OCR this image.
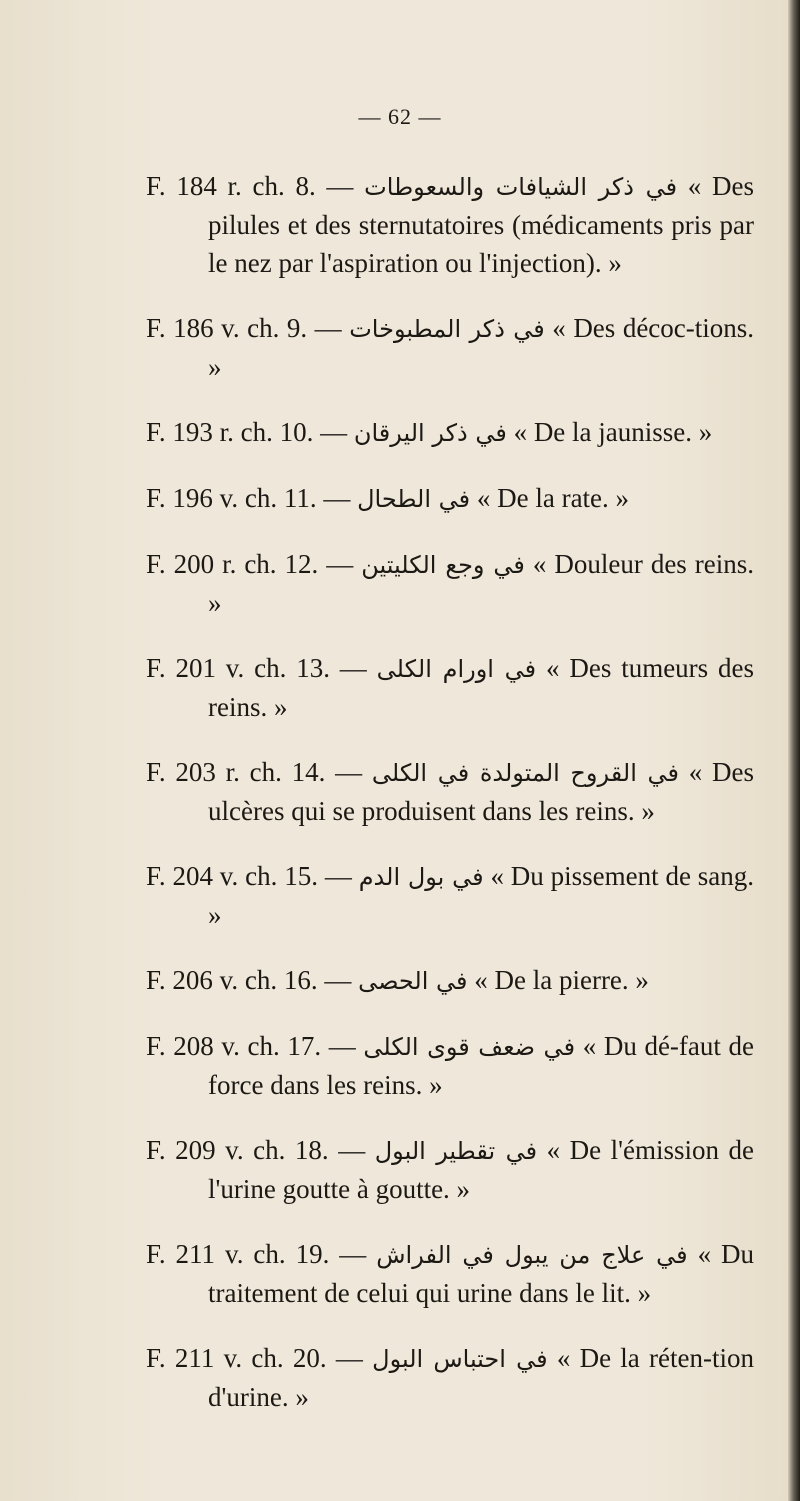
— 62 —

F. 184 r. ch. 8. — في ذكر الشيافات والسعوطات « Des pilules et des sternutatoires (médicaments pris par le nez par l'aspiration ou l'injection). »

F. 186 v. ch. 9. — في ذكر المطبوخات « Des décoc-tions. »

F. 193 r. ch. 10. — في ذكر اليرقان « De la jaunisse. »

F. 196 v. ch. 11. — في الطحال « De la rate. »

F. 200 r. ch. 12. — في وجع الكليتين « Douleur des reins. »

F. 201 v. ch. 13. — في اورام الكلى « Des tumeurs des reins. »

F. 203 r. ch. 14. — في القروح المتولدة في الكلى « Des ulcères qui se produisent dans les reins. »

F. 204 v. ch. 15. — في بول الدم « Du pissement de sang. »

F. 206 v. ch. 16. — في الحصى « De la pierre. »

F. 208 v. ch. 17. — في ضعف قوى الكلى « Du dé-faut de force dans les reins. »

F. 209 v. ch. 18. — في تقطير البول « De l'émission de l'urine goutte à goutte. »

F. 211 v. ch. 19. — في علاج من يبول في الفراش « Du traitement de celui qui urine dans le lit. »

F. 211 v. ch. 20. — في احتباس البول « De la réten-tion d'urine. »
